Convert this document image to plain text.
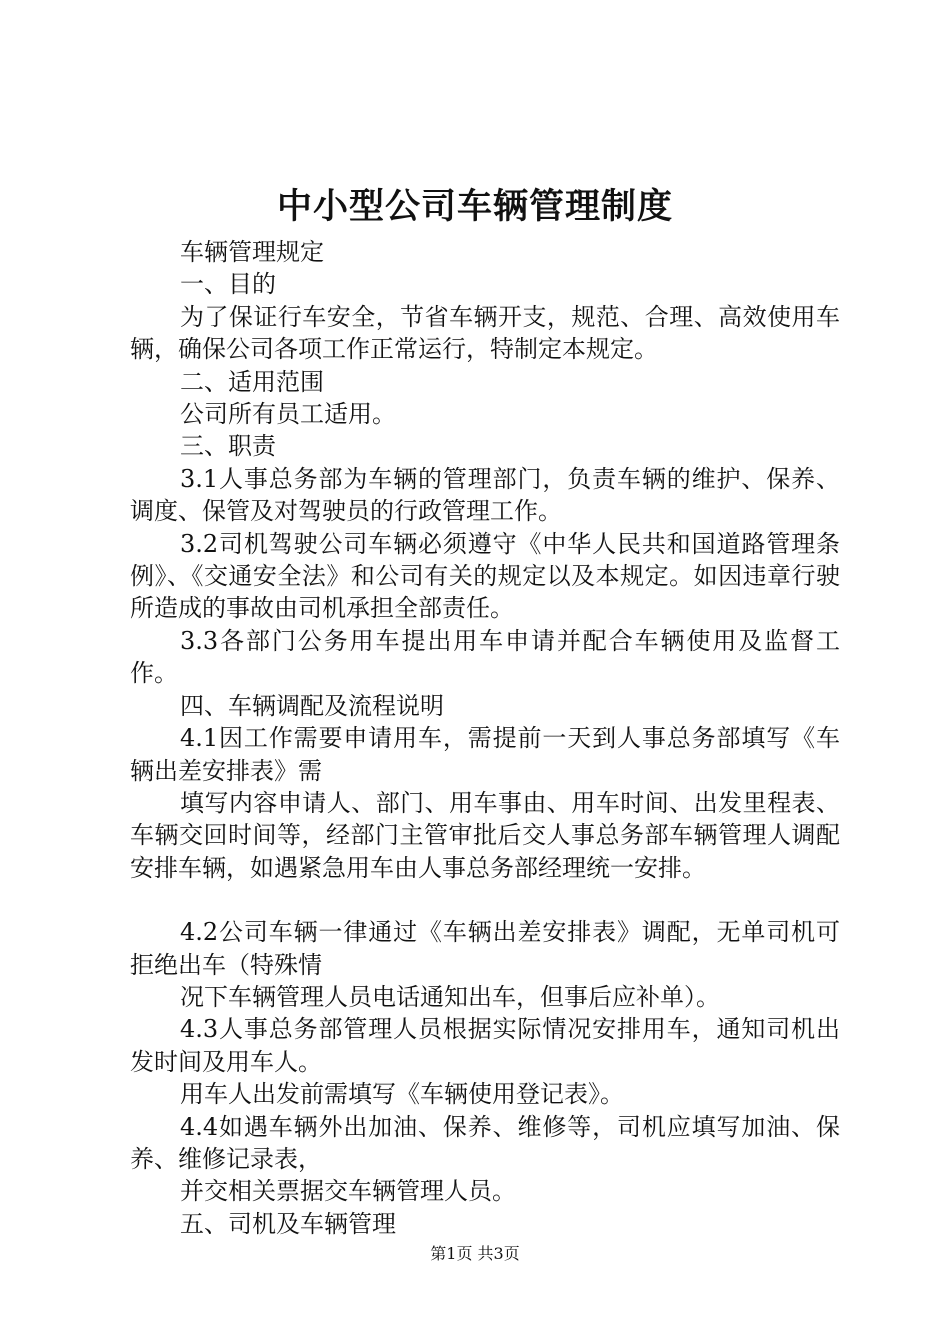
中小型公司车辆管理制度

车辆管理规定

一、目的

为了保证行车安全，节省车辆开支，规范、合理、高效使用车辆，确保公司各项工作正常运行，特制定本规定。

二、适用范围

公司所有员工适用。

三、职责

3.1人事总务部为车辆的管理部门，负责车辆的维护、保养、调度、保管及对驾驶员的行政管理工作。

3.2司机驾驶公司车辆必须遵守《中华人民共和国道路管理条例》、《交通安全法》和公司有关的规定以及本规定。如因违章行驶所造成的事故由司机承担全部责任。

3.3各部门公务用车提出用车申请并配合车辆使用及监督工作。

四、车辆调配及流程说明

4.1因工作需要申请用车，需提前一天到人事总务部填写《车辆出差安排表》需

填写内容申请人、部门、用车事由、用车时间、出发里程表、车辆交回时间等，经部门主管审批后交人事总务部车辆管理人调配安排车辆，如遇紧急用车由人事总务部经理统一安排。

4.2公司车辆一律通过《车辆出差安排表》调配，无单司机可拒绝出车（特殊情

况下车辆管理人员电话通知出车，但事后应补单）。

4.3人事总务部管理人员根据实际情况安排用车，通知司机出发时间及用车人。

用车人出发前需填写《车辆使用登记表》。

4.4如遇车辆外出加油、保养、维修等，司机应填写加油、保养、维修记录表，

并交相关票据交车辆管理人员。

五、司机及车辆管理

第1页 共3页
